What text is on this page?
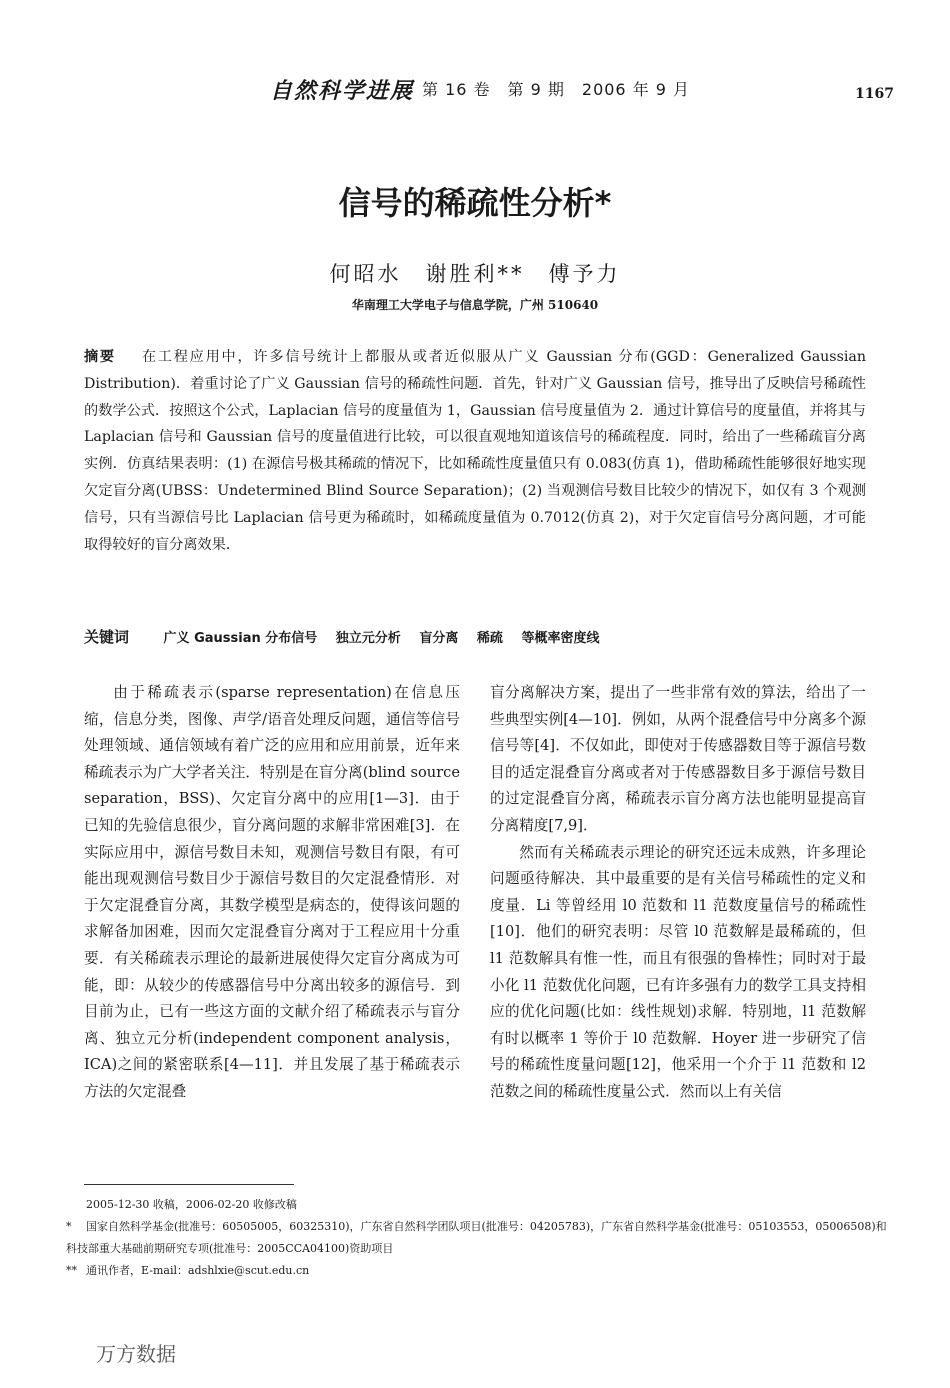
自然科学进展 第 16 卷　第 9 期　2006 年 9 月	1167
信号的稀疏性分析*
何昭水　谢胜利**　傅予力
华南理工大学电子与信息学院，广州 510640
摘要 在工程应用中，许多信号统计上都服从或者近似服从广义 Gaussian 分布(GGD：Generalized Gaussian Distribution)．着重讨论了广义 Gaussian 信号的稀疏性问题．首先，针对广义 Gaussian 信号，推导出了反映信号稀疏性的数学公式．按照这个公式，Laplacian 信号的度量值为 1，Gaussian 信号度量值为 2．通过计算信号的度量值，并将其与 Laplacian 信号和 Gaussian 信号的度量值进行比较，可以很直观地知道该信号的稀疏程度．同时，给出了一些稀疏盲分离实例．仿真结果表明：(1) 在源信号极其稀疏的情况下，比如稀疏性度量值只有 0.083(仿真 1)，借助稀疏性能够很好地实现欠定盲分离(UBSS：Undetermined Blind Source Separation)；(2) 当观测信号数目比较少的情况下，如仅有 3 个观测信号，只有当源信号比 Laplacian 信号更为稀疏时，如稀疏度量值为 0.7012(仿真 2)，对于欠定盲信号分离问题，才可能取得较好的盲分离效果．
关键词	广义 Gaussian 分布信号 独立元分析 盲分离 稀疏 等概率密度线

由于稀疏表示(sparse representation)在信息压缩，信息分类，图像、声学/语音处理反问题，通信等信号处理领域、通信领域有着广泛的应用和应用前景，近年来稀疏表示为广大学者关注．特别是在盲分离(blind source separation，BSS)、欠定盲分离中的应用[1—3]．由于已知的先验信息很少，盲分离问题的求解非常困难[3]．在实际应用中，源信号数目未知，观测信号数目有限，有可能出现观测信号数目少于源信号数目的欠定混叠情形．对于欠定混叠盲分离，其数学模型是病态的，使得该问题的求解备加困难，因而欠定混叠盲分离对于工程应用十分重要．有关稀疏表示理论的最新进展使得欠定盲分离成为可能，即：从较少的传感器信号中分离出较多的源信号．到目前为止，已有一些这方面的文献介绍了稀疏表示与盲分离、独立元分析(independent component analysis，ICA)之间的紧密联系[4—11]．并且发展了基于稀疏表示方法的欠定混叠

盲分离解决方案，提出了一些非常有效的算法，给出了一些典型实例[4—10]．例如，从两个混叠信号中分离多个源信号等[4]．不仅如此，即使对于传感器数目等于源信号数目的适定混叠盲分离或者对于传感器数目多于源信号数目的过定混叠盲分离，稀疏表示盲分离方法也能明显提高盲分离精度[7,9]．

然而有关稀疏表示理论的研究还远未成熟，许多理论问题亟待解决．其中最重要的是有关信号稀疏性的定义和度量．Li 等曾经用 l0 范数和 l1 范数度量信号的稀疏性[10]．他们的研究表明：尽管 l0 范数解是最稀疏的，但 l1 范数解具有惟一性，而且有很强的鲁棒性；同时对于最小化 l1 范数优化问题，已有许多强有力的数学工具支持相应的优化问题(比如：线性规划)求解．特别地，l1 范数解有时以概率 1 等价于 l0 范数解．Hoyer 进一步研究了信号的稀疏性度量问题[12]，他采用一个介于 l1 范数和 l2 范数之间的稀疏性度量公式．然而以上有关信

2005-12-30 收稿，2006-02-20 收修改稿

* 国家自然科学基金(批准号：60505005，60325310)，广东省自然科学团队项目(批准号：04205783)，广东省自然科学基金(批准号：05103553，05006508)和科技部重大基础前期研究专项(批准号：2005CCA04100)资助项目

** 通讯作者，E-mail：adshlxie@scut.edu.cn

万方数据
